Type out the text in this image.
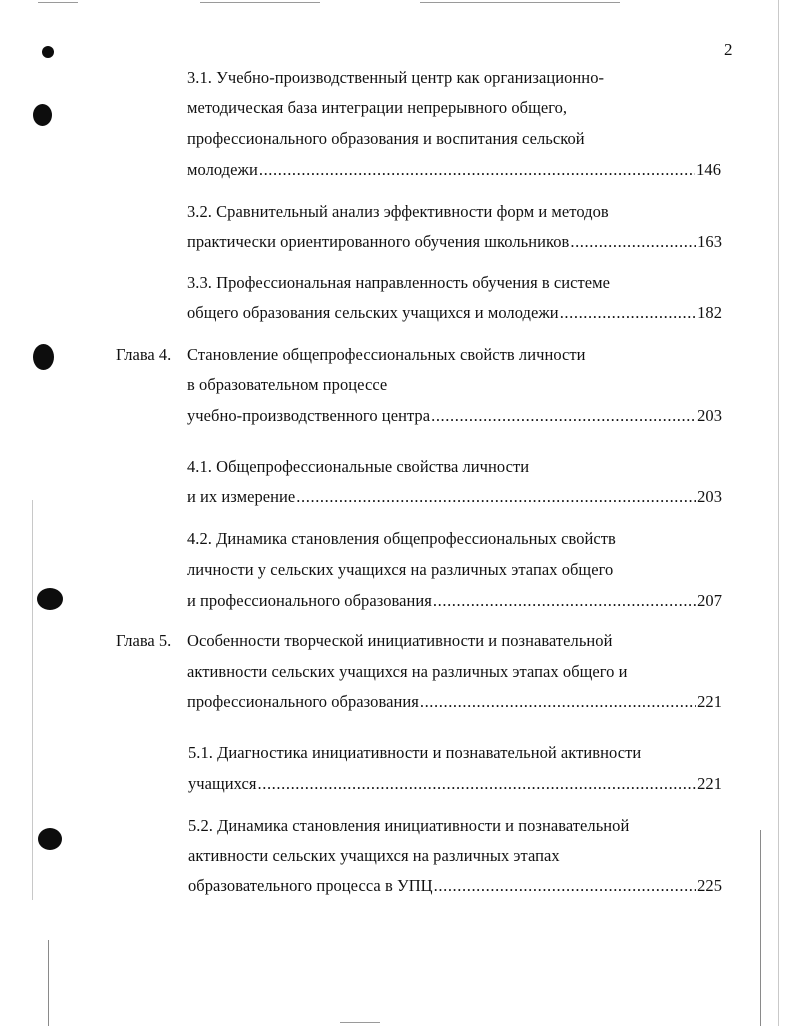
2
3.1. Учебно-производственный центр как организационно-
методическая база интеграции непрерывного общего,
профессионального образования и воспитания сельской
молодежи .....	146
3.2. Сравнительный анализ эффективности форм и методов
практически ориентированного обучения школьников .....	163
3.3. Профессиональная направленность обучения в системе
общего образования сельских учащихся и молодежи .....	182
Глава 4. Становление общепрофессиональных свойств личности
в образовательном процессе
учебно-производственного центра .....	203
4.1. Общепрофессиональные свойства личности
и их измерение .....	203
4.2. Динамика становления общепрофессиональных свойств
личности у сельских учащихся на различных этапах общего
и профессионального образования .....	207
Глава 5. Особенности творческой инициативности и познавательной
активности сельских учащихся на различных этапах общего и
профессионального образования .....	221
5.1. Диагностика инициативности и познавательной активности
учащихся .....	221
5.2. Динамика становления инициативности и познавательной
активности сельских учащихся на различных этапах
образовательного процесса в УПЦ .....	225
